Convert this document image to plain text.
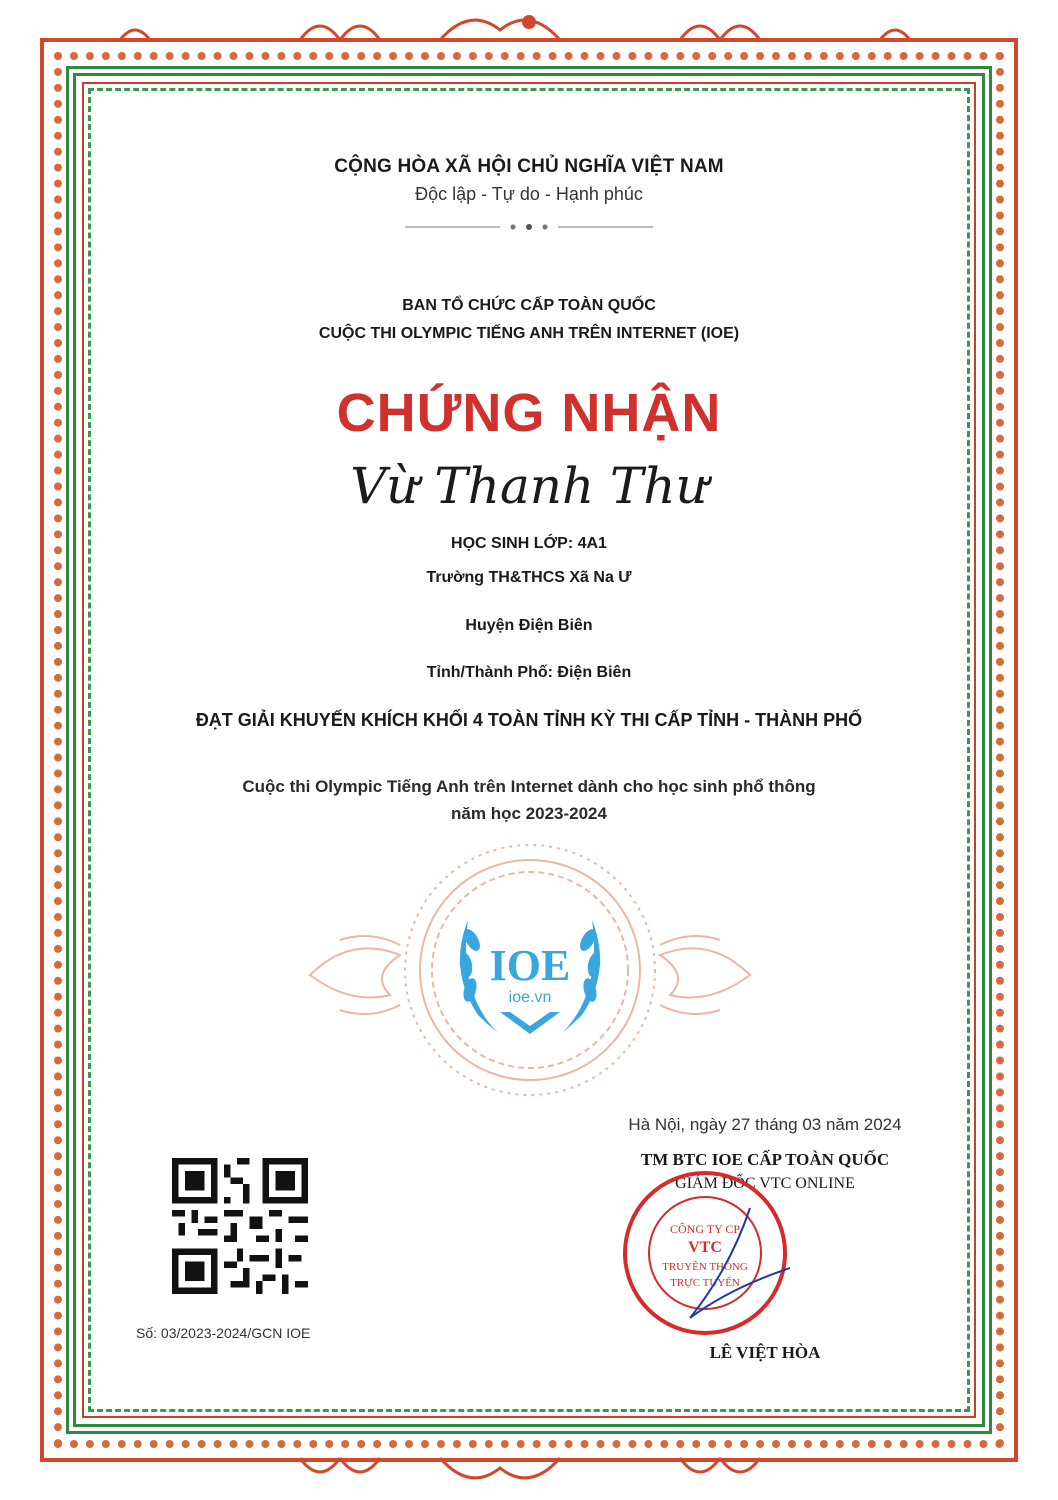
CỘNG HÒA XÃ HỘI CHỦ NGHĨA VIỆT NAM
Độc lập - Tự do - Hạnh phúc
BAN TỔ CHỨC CẤP TOÀN QUỐC
CUỘC THI OLYMPIC TIẾNG ANH TRÊN INTERNET (IOE)
CHỨNG NHẬN
Vừ Thanh Thư
HỌC SINH LỚP: 4A1
Trường TH&THCS Xã Na Ư
Huyện Điện Biên
Tỉnh/Thành Phố: Điện Biên
ĐẠT GIẢI KHUYẾN KHÍCH KHỐI 4 TOÀN TỈNH KỲ THI CẤP TỈNH - THÀNH PHỐ
Cuộc thi Olympic Tiếng Anh trên Internet dành cho học sinh phổ thông
năm học 2023-2024
IOE
ioe.vn
Hà Nội, ngày 27 tháng 03 năm 2024
TM BTC IOE CẤP TOÀN QUỐC
GIÁM ĐỐC VTC ONLINE
CÔNG TY CP
VTC
TRUYỀN THÔNG
TRỰC TUYẾN
LÊ VIỆT HÒA
Số: 03/2023-2024/GCN IOE
